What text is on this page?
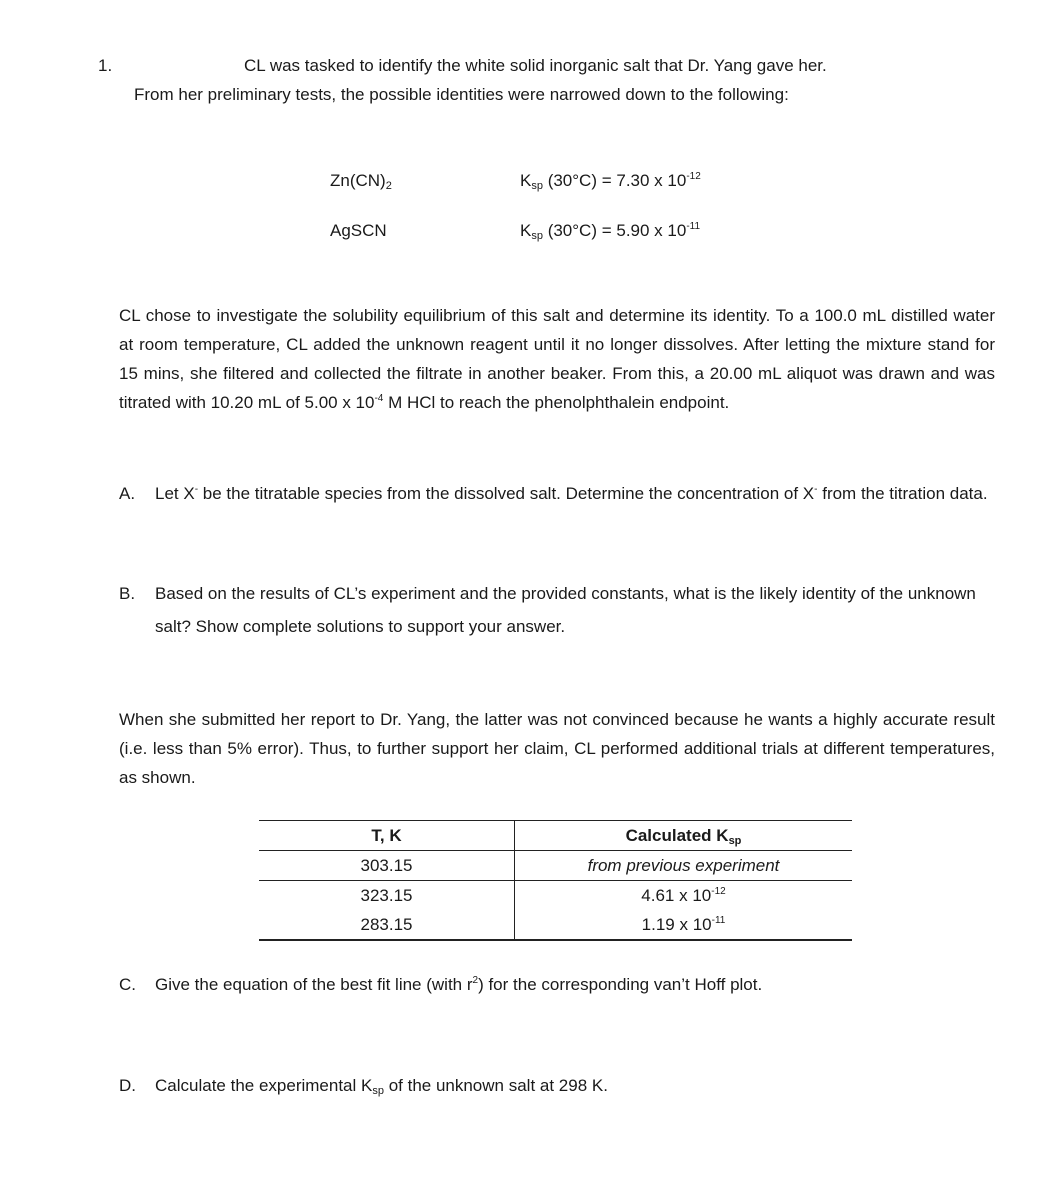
1.	CL was tasked to identify the white solid inorganic salt that Dr. Yang gave her.
From her preliminary tests, the possible identities were narrowed down to the following:
$Zn(CN)_2$	$K_{sp}$ (30°C) = 7.30 x $10^{-12}$
AgSCN	$K_{sp}$ (30°C) = 5.90 x $10^{-11}$
CL chose to investigate the solubility equilibrium of this salt and determine its identity. To a 100.0 mL distilled water at room temperature, CL added the unknown reagent until it no longer dissolves. After letting the mixture stand for 15 mins, she filtered and collected the filtrate in another beaker. From this, a 20.00 mL aliquot was drawn and was titrated with 10.20 mL of 5.00 x $10^{-4}$ M HCl to reach the phenolphthalein endpoint.
A. Let X- be the titratable species from the dissolved salt. Determine the concentration of X- from the titration data.
B. Based on the results of CL’s experiment and the provided constants, what is the likely identity of the unknown salt? Show complete solutions to support your answer.
When she submitted her report to Dr. Yang, the latter was not convinced because he wants a highly accurate result (i.e. less than 5% error). Thus, to further support her claim, CL performed additional trials at different temperatures, as shown.
T, K	Calculated $K_{sp}$
303.15	from previous experiment
323.15	4.61 x $10^{-12}$
283.15	1.19 x $10^{-11}$
C. Give the equation of the best fit line (with $r^2$) for the corresponding van’t Hoff plot.
D. Calculate the experimental $K_{sp}$ of the unknown salt at 298 K.
